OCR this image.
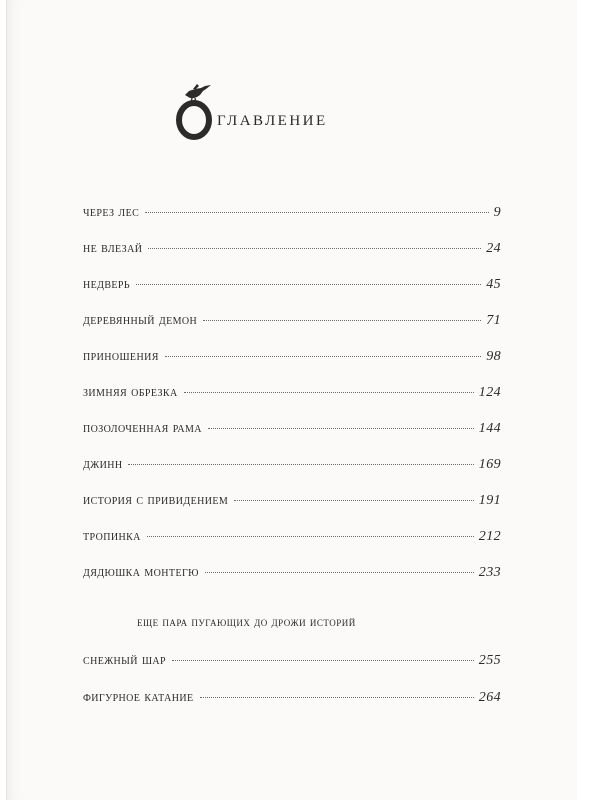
главление
через лес	9
не влезай	24
недверь	45
деревянный демон	71
приношения	98
зимняя обрезка	124
позолоченная рама	144
джинн	169
история с привидением	191
тропинка	212
дядюшка монтегю	233
еще пара пугающих до дрожи историй
снежный шар	255
фигурное катание	264
